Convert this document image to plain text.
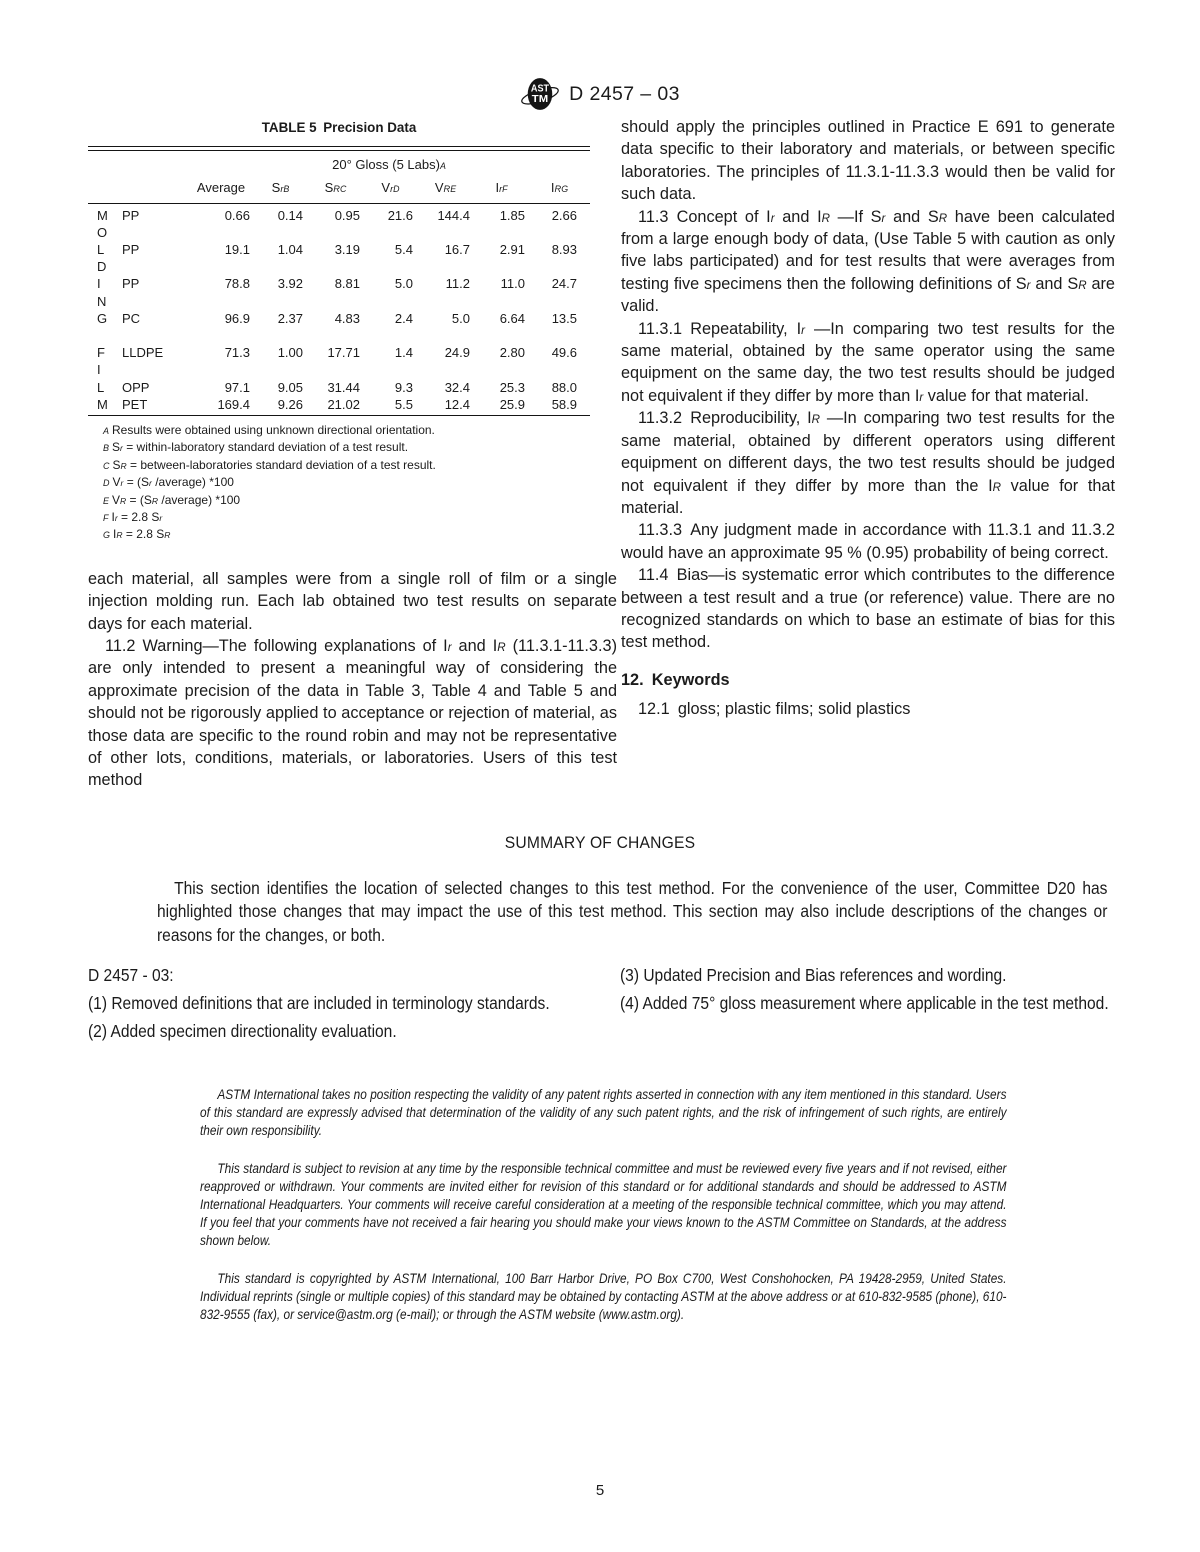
AST
TM D 2457 – 03
TABLE 5 Precision Data
20° Gloss (5 Labs)$^A$
Average	$S_r^B$	$S_R^C$	$V_r^D$	$V_R^E$	$I_r^F$	$I_R^G$
M	PP	0.66	0.14	0.95	21.6	144.4	1.85	2.66
O
L	PP	19.1	1.04	3.19	5.4	16.7	2.91	8.93
D
I	PP	78.8	3.92	8.81	5.0	11.2	11.0	24.7
N
G	PC	96.9	2.37	4.83	2.4	5.0	6.64	13.5
F	LLDPE	71.3	1.00	17.71	1.4	24.9	2.80	49.6
I
L	OPP	97.1	9.05	31.44	9.3	32.4	25.3	88.0
M	PET	169.4	9.26	21.02	5.5	12.4	25.9	58.9
$^A$ Results were obtained using unknown directional orientation.
$^B$ $S_r$ = within-laboratory standard deviation of a test result.
$^C$ $S_R$ = between-laboratories standard deviation of a test result.
$^D$ $V_r = (S_r$ /average) *100
$^E$ $V_R = (S_R$ /average) *100
$^F$ $I_r = 2.8$ $S_r$
$^G$ $I_R = 2.8$ $S_R$

each material, all samples were from a single roll of film or a single injection molding run. Each lab obtained two test results on separate days for each material.

11.2 Warning—The following explanations of $I_r$ and $I_R$ (11.3.1-11.3.3) are only intended to present a meaningful way of considering the approximate precision of the data in Table 3, Table 4 and Table 5 and should not be rigorously applied to acceptance or rejection of material, as those data are specific to the round robin and may not be representative of other lots, conditions, materials, or laboratories. Users of this test method

should apply the principles outlined in Practice E 691 to generate data specific to their laboratory and materials, or between specific laboratories. The principles of 11.3.1-11.3.3 would then be valid for such data.

11.3 Concept of $I_r$ and $I_R$ —If $S_r$ and $S_R$ have been calculated from a large enough body of data, (Use Table 5 with caution as only five labs participated) and for test results that were averages from testing five specimens then the following definitions of $S_r$ and $S_R$ are valid.

11.3.1 Repeatability, $I_r$ —In comparing two test results for the same material, obtained by the same operator using the same equipment on the same day, the two test results should be judged not equivalent if they differ by more than $I_r$ value for that material.

11.3.2 Reproducibility, $I_R$ —In comparing two test results for the same material, obtained by different operators using different equipment on different days, the two test results should be judged not equivalent if they differ by more than the $I_R$ value for that material.

11.3.3 Any judgment made in accordance with 11.3.1 and 11.3.2 would have an approximate 95 % (0.95) probability of being correct.

11.4 Bias—is systematic error which contributes to the difference between a test result and a true (or reference) value. There are no recognized standards on which to base an estimate of bias for this test method.

12. Keywords

12.1 gloss; plastic films; solid plastics

SUMMARY OF CHANGES

This section identifies the location of selected changes to this test method. For the convenience of the user, Committee D20 has highlighted those changes that may impact the use of this test method. This section may also include descriptions of the changes or reasons for the changes, or both.

D 2457 - 03:

(1) Removed definitions that are included in terminology standards.

(2) Added specimen directionality evaluation.

(3) Updated Precision and Bias references and wording.

(4) Added 75° gloss measurement where applicable in the test method.

ASTM International takes no position respecting the validity of any patent rights asserted in connection with any item mentioned in this standard. Users of this standard are expressly advised that determination of the validity of any such patent rights, and the risk of infringement of such rights, are entirely their own responsibility.

This standard is subject to revision at any time by the responsible technical committee and must be reviewed every five years and if not revised, either reapproved or withdrawn. Your comments are invited either for revision of this standard or for additional standards and should be addressed to ASTM International Headquarters. Your comments will receive careful consideration at a meeting of the responsible technical committee, which you may attend. If you feel that your comments have not received a fair hearing you should make your views known to the ASTM Committee on Standards, at the address shown below.

This standard is copyrighted by ASTM International, 100 Barr Harbor Drive, PO Box C700, West Conshohocken, PA 19428-2959, United States. Individual reprints (single or multiple copies) of this standard may be obtained by contacting ASTM at the above address or at 610-832-9585 (phone), 610-832-9555 (fax), or service@astm.org (e-mail); or through the ASTM website (www.astm.org).

5
